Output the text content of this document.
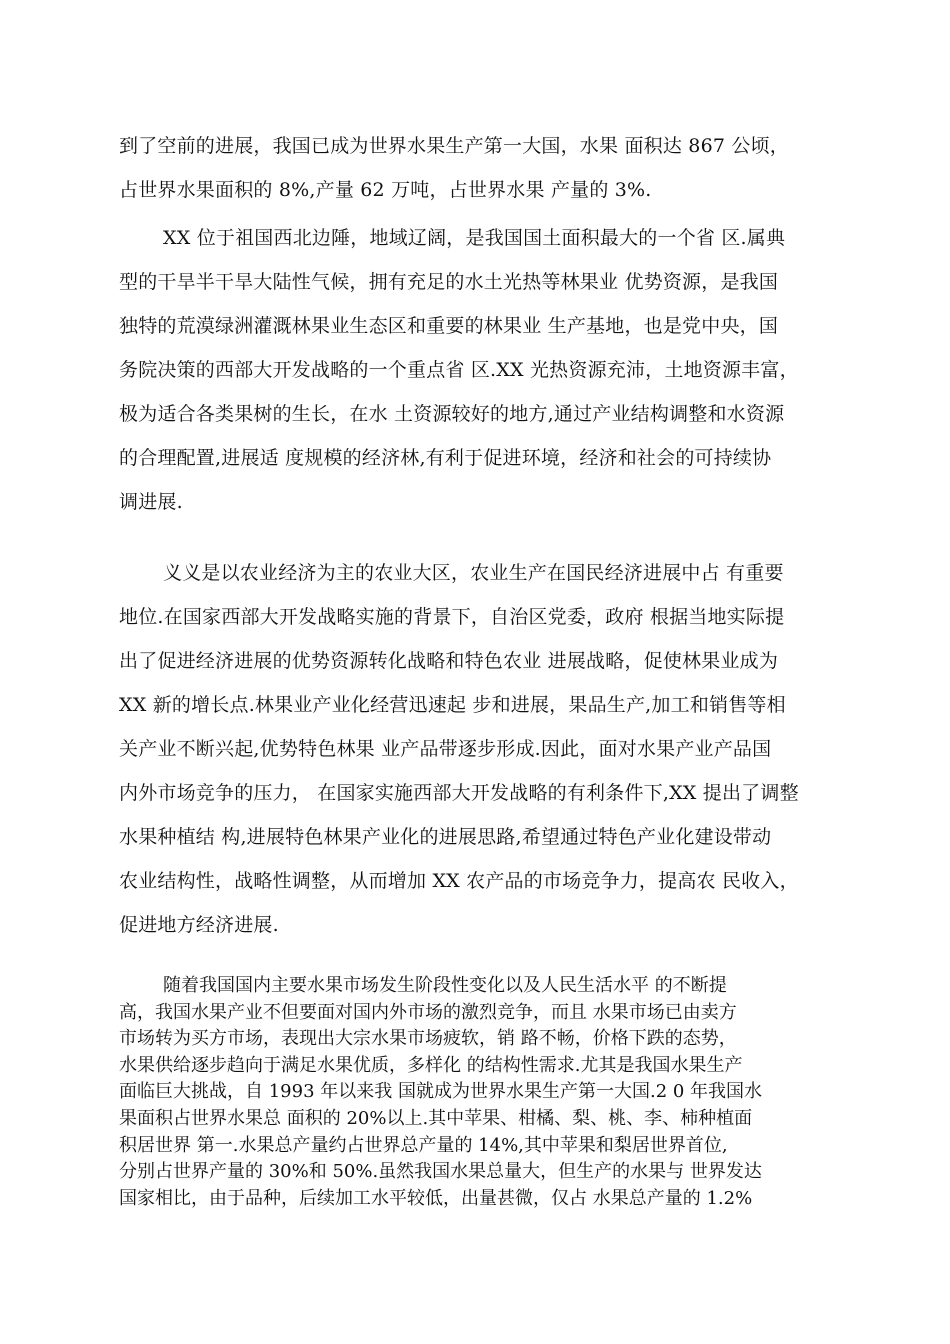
到了空前的进展，我国已成为世界水果生产第一大国，水果 面积达 867 公顷，
占世界水果面积的 8%,产量 62 万吨，占世界水果 产量的 3%.
XX 位于祖国西北边陲，地域辽阔，是我国国土面积最大的一个省 区.属典
型的干旱半干旱大陆性气候，拥有充足的水土光热等林果业 优势资源，是我国
独特的荒漠绿洲灌溉林果业生态区和重要的林果业 生产基地，也是党中央，国
务院决策的西部大开发战略的一个重点省 区.XX 光热资源充沛，土地资源丰富，
极为适合各类果树的生长，在水 土资源较好的地方,通过产业结构调整和水资源
的合理配置,进展适 度规模的经济林,有利于促进环境，经济和社会的可持续协
调进展.
义义是以农业经济为主的农业大区，农业生产在国民经济进展中占 有重要
地位.在国家西部大开发战略实施的背景下，自治区党委，政府 根据当地实际提
出了促进经济进展的优势资源转化战略和特色农业 进展战略，促使林果业成为
XX 新的增长点.林果业产业化经营迅速起 步和进展，果品生产,加工和销售等相
关产业不断兴起,优势特色林果 业产品带逐步形成.因此，面对水果产业产品国
内外市场竞争的压力， 在国家实施西部大开发战略的有利条件下,XX 提出了调整
水果种植结 构,进展特色林果产业化的进展思路,希望通过特色产业化建设带动
农业结构性，战略性调整，从而增加 XX 农产品的市场竞争力，提高农 民收入，
促进地方经济进展.
随着我国国内主要水果市场发生阶段性变化以及人民生活水平 的不断提
高，我国水果产业不但要面对国内外市场的激烈竞争，而且 水果市场已由卖方
市场转为买方市场，表现出大宗水果市场疲软，销 路不畅，价格下跌的态势，
水果供给逐步趋向于满足水果优质，多样化 的结构性需求.尤其是我国水果生产
面临巨大挑战，自 1993 年以来我 国就成为世界水果生产第一大国.2 0 年我国水
果面积占世界水果总 面积的 20%以上.其中苹果、柑橘、梨、桃、李、柿种植面
积居世界 第一.水果总产量约占世界总产量的 14%,其中苹果和梨居世界首位,
分别占世界产量的 30%和 50%.虽然我国水果总量大，但生产的水果与 世界发达
国家相比，由于品种，后续加工水平较低，出量甚微，仅占 水果总产量的 1.2%
